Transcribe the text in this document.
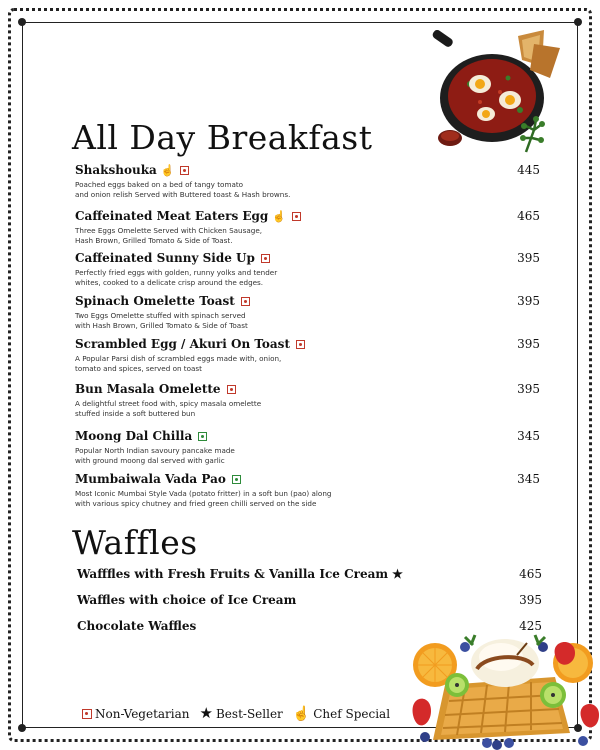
All Day Breakfast
Shakshouka ☝
Poached eggs baked on a bed of tangy tomato
and onion relish Served with Buttered toast & Hash browns.
445
Caffeinated Meat Eaters Egg ☝
Three Eggs Omelette Served with Chicken Sausage,
Hash Brown, Grilled Tomato & Side of Toast.
465
Caffeinated Sunny Side Up
Perfectly fried eggs with golden, runny yolks and tender
whites, cooked to a delicate crisp around the edges.
395
Spinach Omelette Toast
Two Eggs Omelette stuffed with spinach served
with Hash Brown, Grilled Tomato & Side of Toast
395
Scrambled Egg / Akuri On Toast
A Popular Parsi dish of scrambled eggs made with, onion,
tomato and spices, served on toast
395
Bun Masala Omelette
A delightful street food with, spicy masala omelette
stuffed inside a soft buttered bun
395
Moong Dal Chilla
Popular North Indian savoury pancake made
with ground moong dal served with garlic
345
Mumbaiwala Vada Pao
Most Iconic Mumbai Style Vada (potato fritter) in a soft bun (pao) along
with various spicy chutney and fried green chilli served on the side
345
Waffles
Wafffles with Fresh Fruits & Vanilla Ice Cream ★	465
Waffles with choice of Ice Cream	395
Chocolate Waffles	425
Non-Vegetarian ★ Best-Seller ☝ Chef Special
